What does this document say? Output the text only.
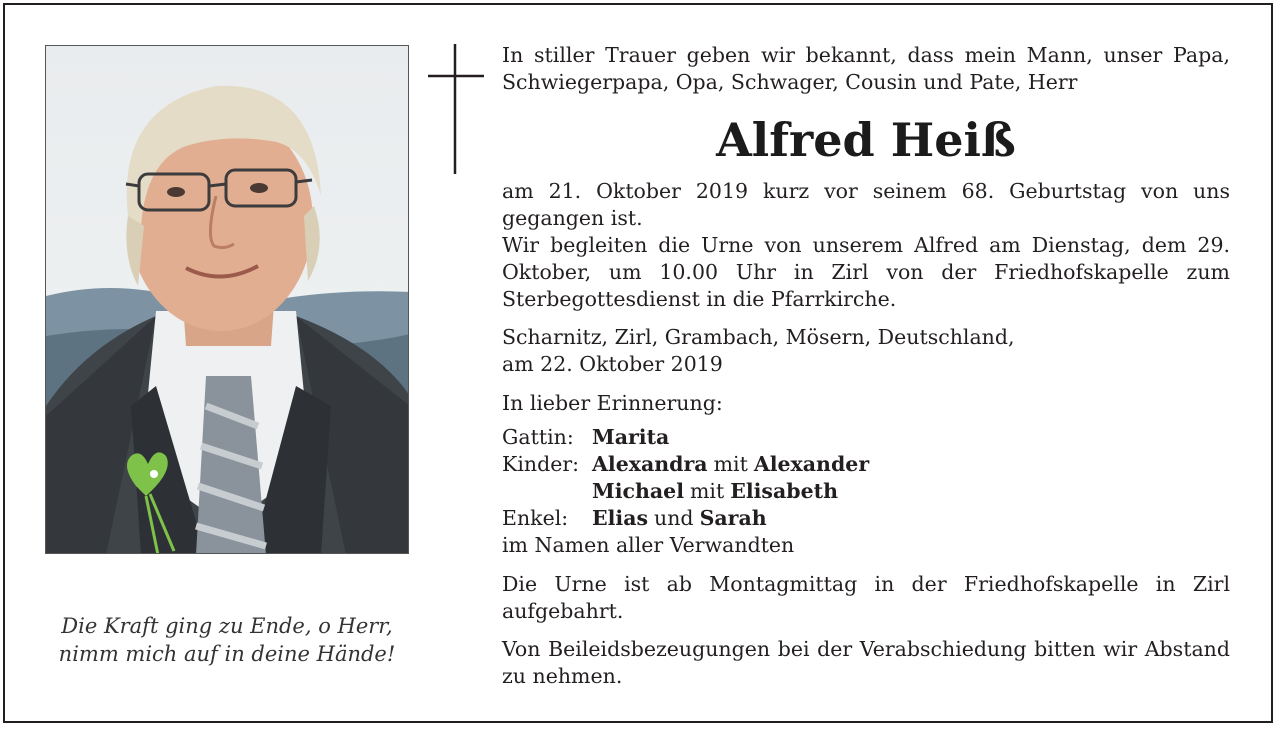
Die Kraft ging zu Ende, o Herr,
nimm mich auf in deine Hände!
In stiller Trauer geben wir bekannt, dass mein Mann, unser Papa, Schwiegerpapa, Opa, Schwager, Cousin und Pate, Herr
Alfred Heiß
am 21. Oktober 2019 kurz vor seinem 68. Geburtstag von uns gegangen ist.
Wir begleiten die Urne von unserem Alfred am Dienstag, dem 29. Oktober, um 10.00 Uhr in Zirl von der Friedhofskapelle zum Sterbegottesdienst in die Pfarrkirche.
Scharnitz, Zirl, Grambach, Mösern, Deutschland,
am 22. Oktober 2019
In lieber Erinnerung:
Gattin: Marita
Kinder: Alexandra mit Alexander
Michael mit Elisabeth
Enkel:	Elias und Sarah
im Namen aller Verwandten
Die Urne ist ab Montagmittag in der Friedhofskapelle in Zirl aufgebahrt.
Von Beileidsbezeugungen bei der Verabschiedung bitten wir Abstand zu nehmen.
